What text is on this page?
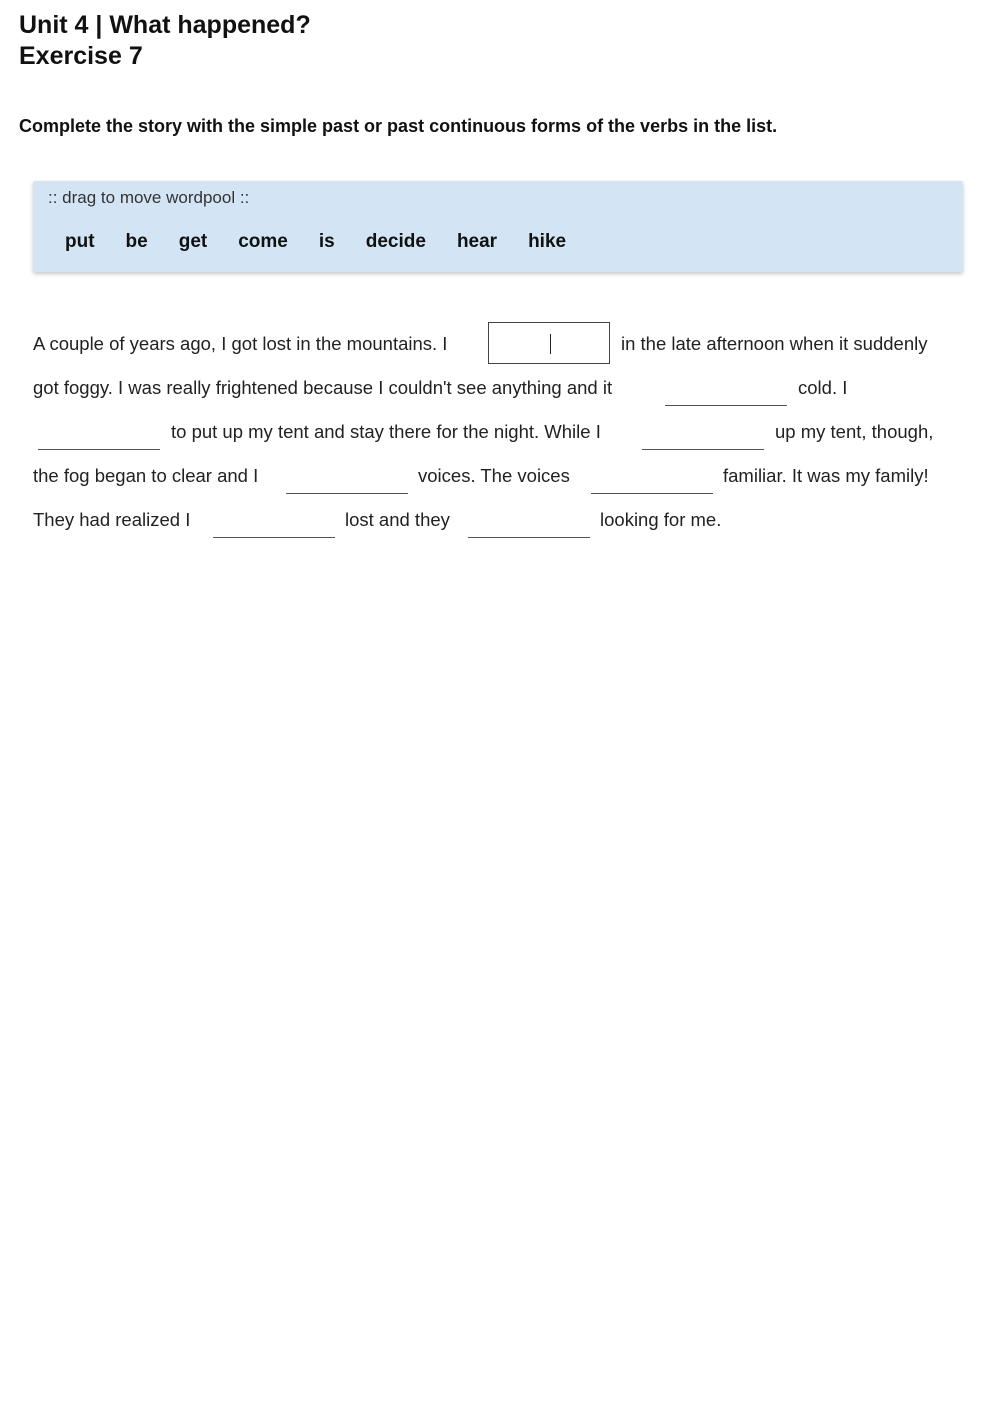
Unit 4 | What happened?
Exercise 7
Complete the story with the simple past or past continuous forms of the verbs in the list.
:: drag to move wordpool ::
put be get come is decide hear hike
A couple of years ago, I got lost in the mountains. I	in the late afternoon when it suddenly
got foggy. I was really frightened because I couldn't see anything and it	cold. I
to put up my tent and stay there for the night. While I	up my tent, though,
the fog began to clear and I	voices. The voices	familiar. It was my family!
They had realized I	lost and they	looking for me.
